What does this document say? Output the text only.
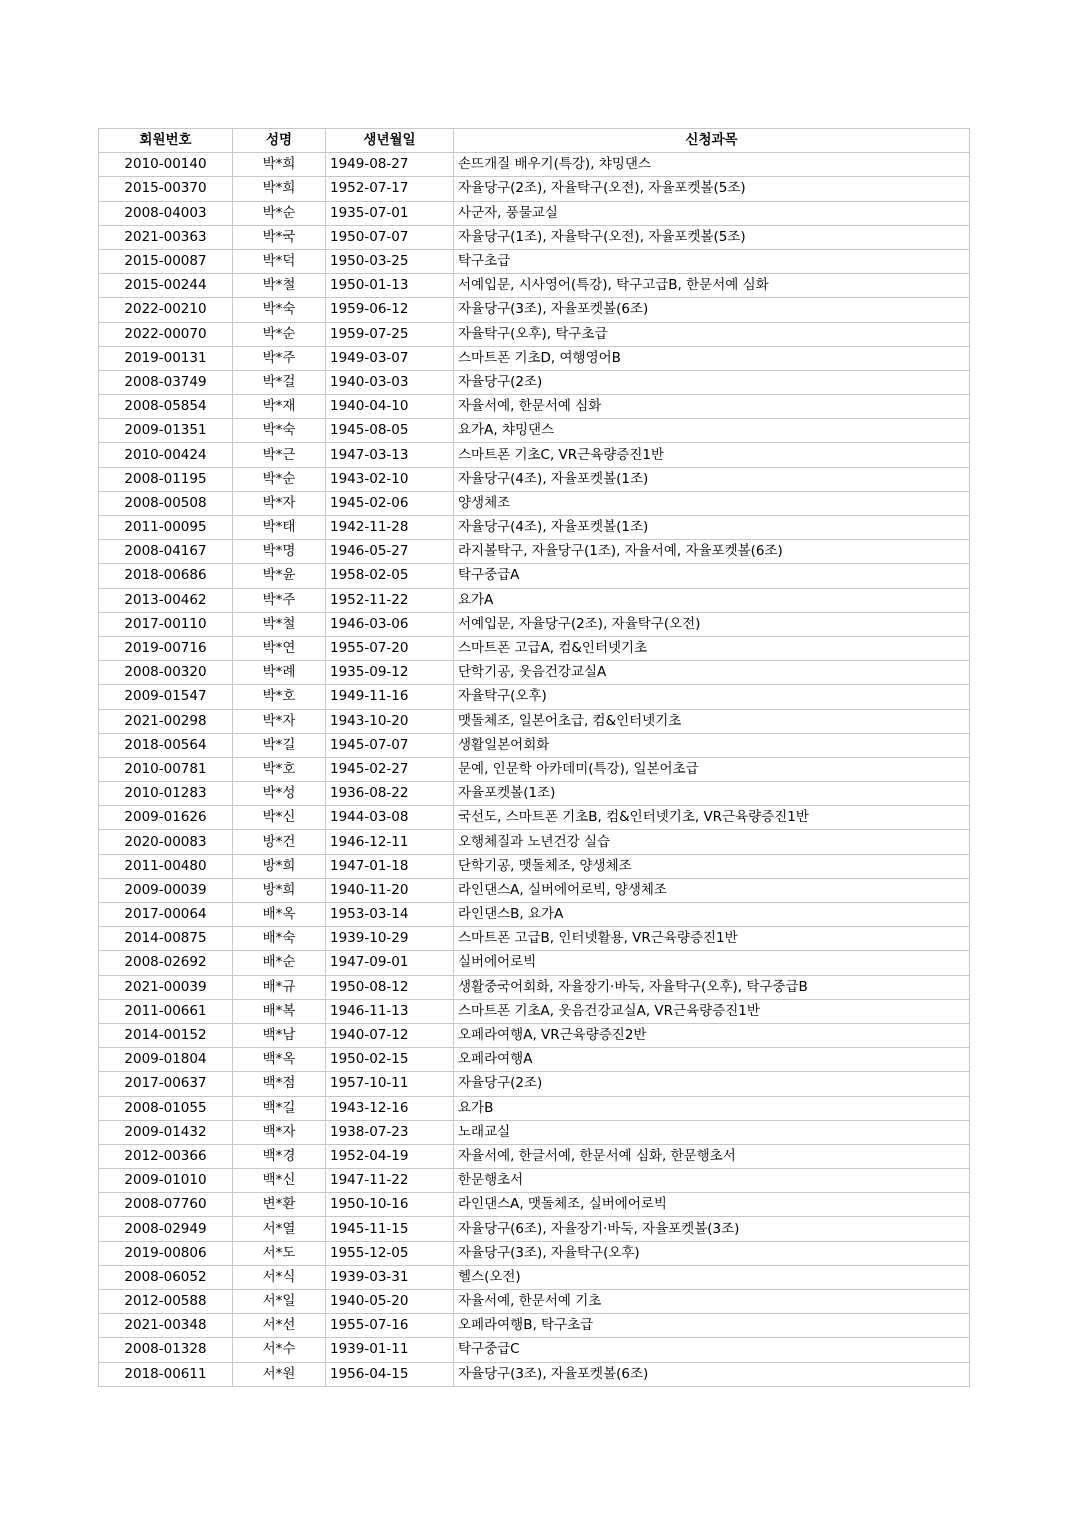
회원번호	성명	생년월일	신청과목
2010-00140	박*희	1949-08-27	손뜨개질 배우기(특강), 챠밍댄스
2015-00370	박*희	1952-07-17	자율당구(2조), 자율탁구(오전), 자율포켓볼(5조)
2008-04003	박*순	1935-07-01	사군자, 풍물교실
2021-00363	박*국	1950-07-07	자율당구(1조), 자율탁구(오전), 자율포켓볼(5조)
2015-00087	박*덕	1950-03-25	탁구초급
2015-00244	박*철	1950-01-13	서예입문, 시사영어(특강), 탁구고급B, 한문서예 심화
2022-00210	박*숙	1959-06-12	자율당구(3조), 자율포켓볼(6조)
2022-00070	박*순	1959-07-25	자율탁구(오후), 탁구초급
2019-00131	박*주	1949-03-07	스마트폰 기초D, 여행영어B
2008-03749	박*걸	1940-03-03	자율당구(2조)
2008-05854	박*재	1940-04-10	자율서예, 한문서예 심화
2009-01351	박*숙	1945-08-05	요가A, 챠밍댄스
2010-00424	박*근	1947-03-13	스마트폰 기초C, VR근육량증진1반
2008-01195	박*순	1943-02-10	자율당구(4조), 자율포켓볼(1조)
2008-00508	박*자	1945-02-06	양생체조
2011-00095	박*태	1942-11-28	자율당구(4조), 자율포켓볼(1조)
2008-04167	박*명	1946-05-27	라지볼탁구, 자율당구(1조), 자율서예, 자율포켓볼(6조)
2018-00686	박*윤	1958-02-05	탁구중급A
2013-00462	박*주	1952-11-22	요가A
2017-00110	박*철	1946-03-06	서예입문, 자율당구(2조), 자율탁구(오전)
2019-00716	박*연	1955-07-20	스마트폰 고급A, 컴&인터넷기초
2008-00320	박*례	1935-09-12	단학기공, 웃음건강교실A
2009-01547	박*호	1949-11-16	자율탁구(오후)
2021-00298	박*자	1943-10-20	맷돌체조, 일본어초급, 컴&인터넷기초
2018-00564	박*길	1945-07-07	생활일본어회화
2010-00781	박*호	1945-02-27	문예, 인문학 아카데미(특강), 일본어초급
2010-01283	박*성	1936-08-22	자율포켓볼(1조)
2009-01626	박*신	1944-03-08	국선도, 스마트폰 기초B, 컴&인터넷기초, VR근육량증진1반
2020-00083	방*건	1946-12-11	오행체질과 노년건강 실습
2011-00480	방*희	1947-01-18	단학기공, 맷돌체조, 양생체조
2009-00039	방*희	1940-11-20	라인댄스A, 실버에어로빅, 양생체조
2017-00064	배*옥	1953-03-14	라인댄스B, 요가A
2014-00875	배*숙	1939-10-29	스마트폰 고급B, 인터넷활용, VR근육량증진1반
2008-02692	배*순	1947-09-01	실버에어로빅
2021-00039	배*규	1950-08-12	생활중국어회화, 자율장기·바둑, 자율탁구(오후), 탁구중급B
2011-00661	배*복	1946-11-13	스마트폰 기초A, 웃음건강교실A, VR근육량증진1반
2014-00152	백*남	1940-07-12	오페라여행A, VR근육량증진2반
2009-01804	백*옥	1950-02-15	오페라여행A
2017-00637	백*점	1957-10-11	자율당구(2조)
2008-01055	백*길	1943-12-16	요가B
2009-01432	백*자	1938-07-23	노래교실
2012-00366	백*경	1952-04-19	자율서예, 한글서예, 한문서예 심화, 한문행초서
2009-01010	백*신	1947-11-22	한문행초서
2008-07760	변*환	1950-10-16	라인댄스A, 맷돌체조, 실버에어로빅
2008-02949	서*열	1945-11-15	자율당구(6조), 자율장기·바둑, 자율포켓볼(3조)
2019-00806	서*도	1955-12-05	자율당구(3조), 자율탁구(오후)
2008-06052	서*식	1939-03-31	헬스(오전)
2012-00588	서*일	1940-05-20	자율서예, 한문서예 기초
2021-00348	서*선	1955-07-16	오페라여행B, 탁구초급
2008-01328	서*수	1939-01-11	탁구중급C
2018-00611	서*원	1956-04-15	자율당구(3조), 자율포켓볼(6조)
